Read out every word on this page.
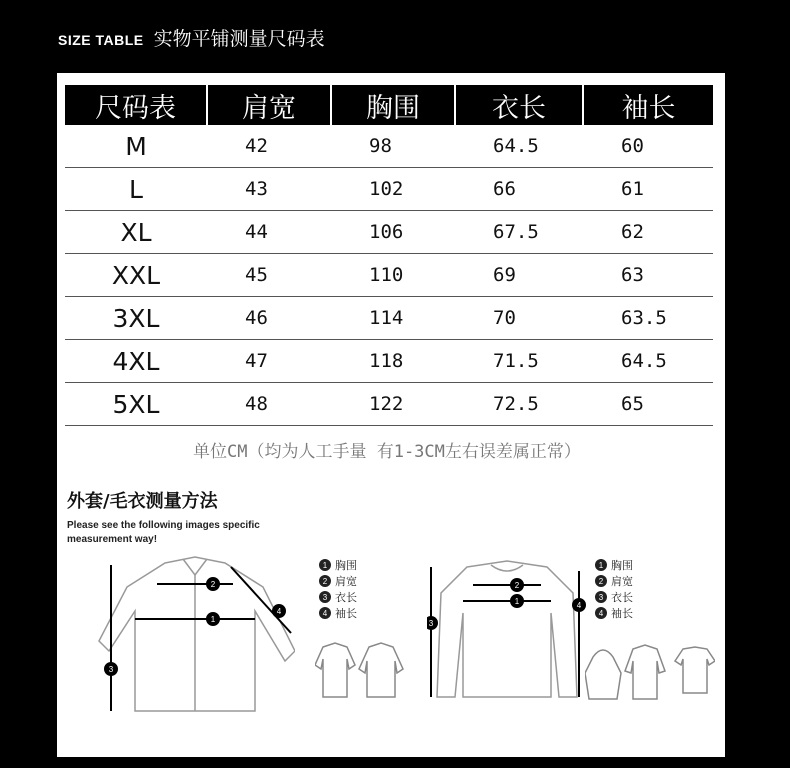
SIZE TABLE 实物平铺测量尺码表
尺码表	肩宽	胸围	衣长	袖长
M	42	98	64.5	60
L	43	102	66	61
XL	44	106	67.5	62
XXL	45	110	69	63
3XL	46	114	70	63.5
4XL	47	118	71.5	64.5
5XL	48	122	72.5	65
单位CM（均为人工手量 有1-3CM左右误差属正常）
外套/毛衣测量方法
Please see the following images specific
measurement way!
1
2
3
4
1 胸围
2 肩宽
3 衣长
4 袖长
1
2
3
4
1 胸围
2 肩宽
3 衣长
4 袖长
